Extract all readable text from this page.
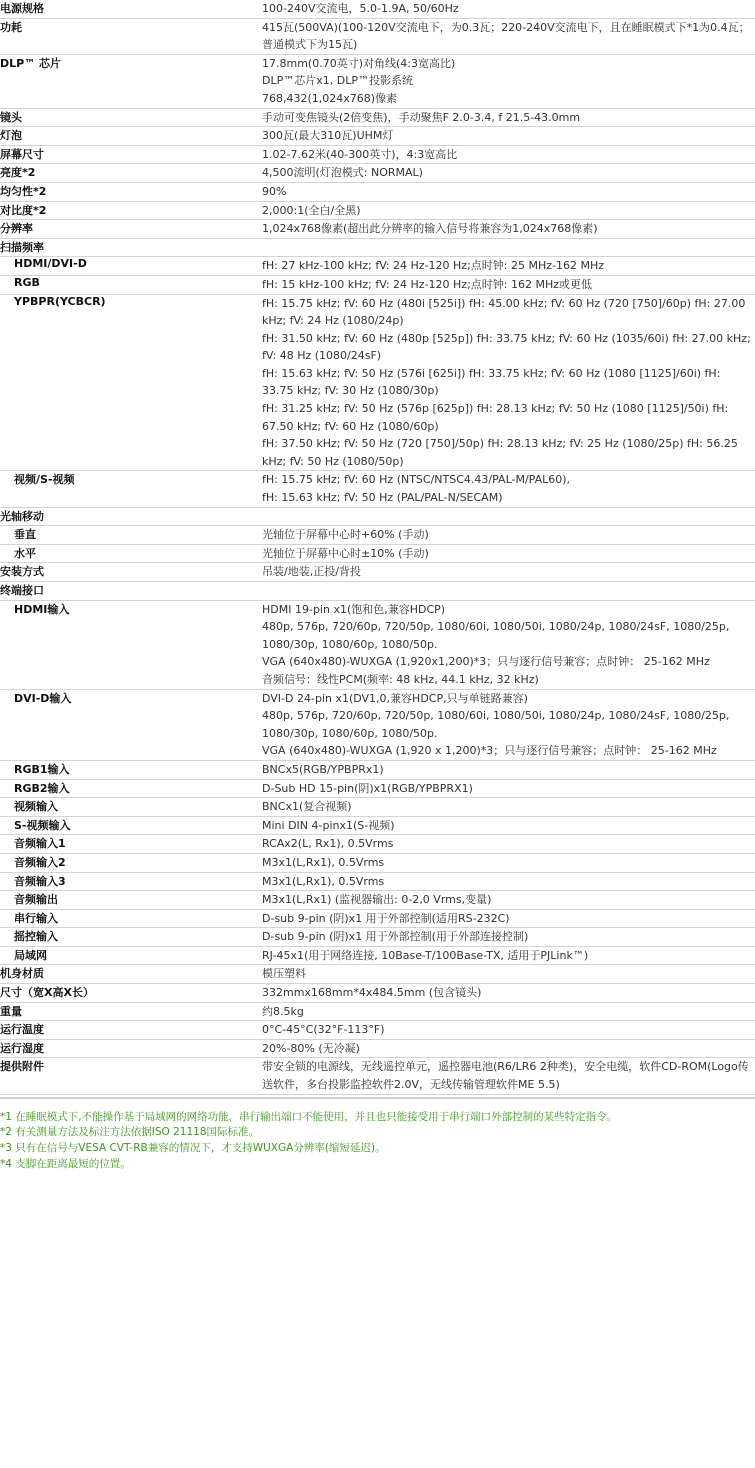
电源规格	100-240V交流电，5.0-1.9A, 50/60Hz

功耗	415瓦(500VA)(100-120V交流电下，为0.3瓦；220-240V交流电下，且在睡眠模式下*1为0.4瓦；普通模式下为15瓦)

DLP™ 芯片	17.8mm(0.70英寸)对角线(4:3宽高比)
DLP™芯片x1, DLP™投影系统
768,432(1,024x768)像素

镜头	手动可变焦镜头(2倍变焦)，手动聚焦F 2.0-3.4, f 21.5-43.0mm

灯泡	300瓦(最大310瓦)UHM灯

屏幕尺寸	1.02-7.62米(40-300英寸)，4:3宽高比

亮度*2	4,500流明(灯泡模式: NORMAL)

均匀性*2	90%

对比度*2	2,000:1(全白/全黑)

分辨率	1,024x768像素(超出此分辨率的输入信号将兼容为1,024x768像素)

扫描频率	
HDMI/DVI-D	fH: 27 kHz-100 kHz; fV: 24 Hz-120 Hz;点时钟: 25 MHz-162 MHz

RGB	fH: 15 kHz-100 kHz; fV: 24 Hz-120 Hz;点时钟: 162 MHz或更低

YPBPR(YCBCR)	fH: 15.75 kHz; fV: 60 Hz (480i [525i]) fH: 45.00 kHz; fV: 60 Hz (720 [750]/60p) fH: 27.00 kHz; fV: 24 Hz (1080/24p)
fH: 31.50 kHz; fV: 60 Hz (480p [525p]) fH: 33.75 kHz; fV: 60 Hz (1035/60i) fH: 27.00 kHz; fV: 48 Hz (1080/24sF)
fH: 15.63 kHz; fV: 50 Hz (576i [625i]) fH: 33.75 kHz; fV: 60 Hz (1080 [1125]/60i) fH: 33.75 kHz; fV: 30 Hz (1080/30p)
fH: 31.25 kHz; fV: 50 Hz (576p [625p]) fH: 28.13 kHz; fV: 50 Hz (1080 [1125]/50i) fH: 67.50 kHz; fV: 60 Hz (1080/60p)
fH: 37.50 kHz; fV: 50 Hz (720 [750]/50p) fH: 28.13 kHz; fV: 25 Hz (1080/25p) fH: 56.25 kHz; fV: 50 Hz (1080/50p)

视频/S-视频	fH: 15.75 kHz; fV: 60 Hz (NTSC/NTSC4.43/PAL-M/PAL60),
fH: 15.63 kHz; fV: 50 Hz (PAL/PAL-N/SECAM)

光轴移动	
垂直	光轴位于屏幕中心时+60% (手动)

水平	光轴位于屏幕中心时±10% (手动)

安装方式	吊装/地装,正投/背投

终端接口	
HDMI输入	HDMI 19-pin x1(饱和色,兼容HDCP)
480p, 576p, 720/60p, 720/50p, 1080/60i, 1080/50i, 1080/24p, 1080/24sF, 1080/25p, 1080/30p, 1080/60p, 1080/50p.
VGA (640x480)-WUXGA (1,920x1,200)*3；只与逐行信号兼容；点时钟： 25-162 MHz
音频信号：线性PCM(频率: 48 kHz, 44.1 kHz, 32 kHz)

DVI-D输入	DVI-D 24-pin x1(DV1,0,兼容HDCP,只与单链路兼容)
480p, 576p, 720/60p, 720/50p, 1080/60i, 1080/50i, 1080/24p, 1080/24sF, 1080/25p, 1080/30p, 1080/60p, 1080/50p.
VGA (640x480)-WUXGA (1,920 x 1,200)*3；只与逐行信号兼容；点时钟： 25-162 MHz

RGB1输入	BNCx5(RGB/YPBPRx1)

RGB2输入	D-Sub HD 15-pin(阴)x1(RGB/YPBPRX1)

视频输入	BNCx1(复合视频)

S-视频输入	Mini DIN 4-pinx1(S-视频)

音频输入1	RCAx2(L, Rx1), 0.5Vrms

音频输入2	M3x1(L,Rx1), 0.5Vrms

音频输入3	M3x1(L,Rx1), 0.5Vrms

音频输出	M3x1(L,Rx1) (监视器输出: 0-2,0 Vrms,变量)

串行输入	D-sub 9-pin (阴)x1 用于外部控制(适用RS-232C)

摇控输入	D-sub 9-pin (阴)x1 用于外部控制(用于外部连接控制)

局域网	RJ-45x1(用于网络连接, 10Base-T/100Base-TX, 适用于PJLink™)

机身材质	模压塑料

尺寸（宽X高X长）	332mmx168mm*4x484.5mm (包含镜头)

重量	约8.5kg

运行温度	0°C-45°C(32°F-113°F)

运行湿度	20%-80% (无冷凝)

提供附件	带安全锁的电源线，无线遥控单元，遥控器电池(R6/LR6 2种类)，安全电缆，软件CD-ROM(Logo传送软件，多台投影监控软件2.0V，无线传输管理软件ME 5.5)
*1 在睡眠模式下,不能操作基于局域网的网络功能，串行输出端口不能使用，并且也只能接受用于串行端口外部控制的某些特定指令。
*2 有关测量方法及标注方法依据ISO 21118国际标准。
*3 只有在信号与VESA CVT-RB兼容的情况下，才支持WUXGA分辨率(缩短延迟)。
*4 支脚在距离最短的位置。
